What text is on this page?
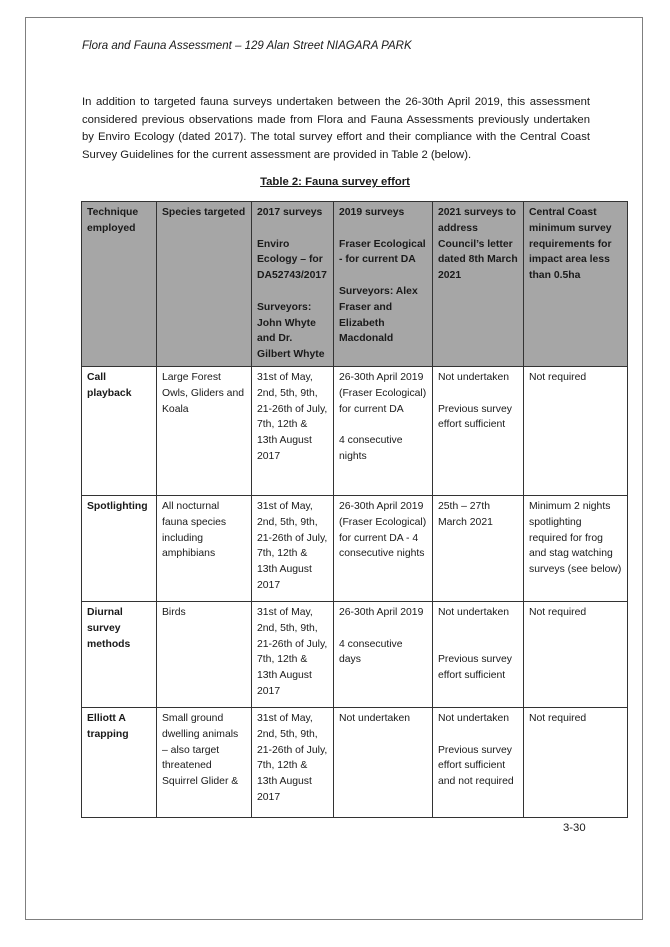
Flora and Fauna Assessment – 129 Alan Street NIAGARA PARK
In addition to targeted fauna surveys undertaken between the 26-30th April 2019, this assessment considered previous observations made from Flora and Fauna Assessments previously undertaken by Enviro Ecology (dated 2017). The total survey effort and their compliance with the Central Coast Survey Guidelines for the current assessment are provided in Table 2 (below).
Table 2: Fauna survey effort
Technique employed	Species targeted	2017 surveys

Enviro Ecology – for DA52743/2017

Surveyors: John Whyte and Dr. Gilbert Whyte	2019 surveys

Fraser Ecological - for current DA

Surveyors: Alex Fraser and Elizabeth Macdonald	2021 surveys to address Council’s letter dated 8th March 2021	Central Coast minimum survey requirements for impact area less than 0.5ha
Call playback	Large Forest Owls, Gliders and Koala	31st of May, 2nd, 5th, 9th, 21-26th of July, 7th, 12th & 13th August 2017	26-30th April 2019 (Fraser Ecological) for current DA

4 consecutive nights	Not undertaken

Previous survey effort sufficient	Not required
Spotlighting	All nocturnal fauna species including amphibians	31st of May, 2nd, 5th, 9th, 21-26th of July, 7th, 12th & 13th August 2017	26-30th April 2019 (Fraser Ecological) for current DA - 4 consecutive nights	25th – 27th March 2021	Minimum 2 nights spotlighting required for frog and stag watching surveys (see below)
Diurnal survey methods	Birds	31st of May, 2nd, 5th, 9th, 21-26th of July, 7th, 12th & 13th August 2017	26-30th April 2019

4 consecutive days	Not undertaken

Previous survey effort sufficient	Not required
Elliott A trapping	Small ground dwelling animals – also target threatened Squirrel Glider &	31st of May, 2nd, 5th, 9th, 21-26th of July, 7th, 12th & 13th August 2017	Not undertaken	Not undertaken

Previous survey effort sufficient and not required	Not required
3-30
